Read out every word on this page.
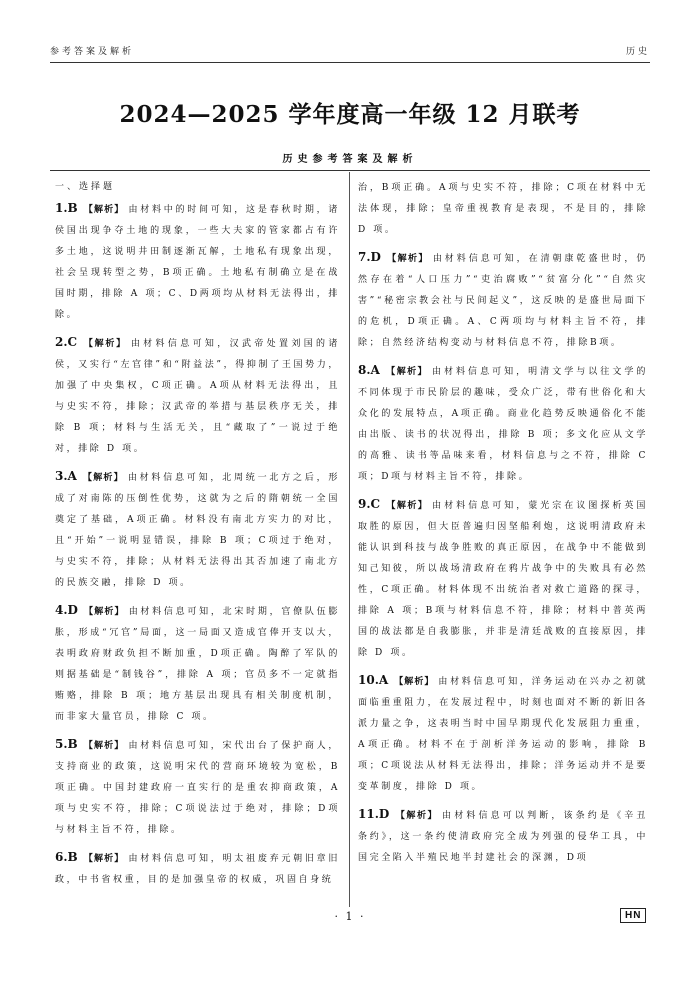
参考答案及解析	历史
2024—2025 学年度高一年级 12 月联考
历史参考答案及解析
一、选择题

1.B 【解析】 由材料中的时间可知，这是春秋时期，诸侯国出现争夺土地的现象，一些大夫家的管家都占有许多土地，这说明井田制逐渐瓦解，土地私有现象出现，社会呈现转型之势，B项正确。土地私有制确立是在战国时期，排除 A 项；C、D两项均从材料无法得出，排除。

2.C 【解析】 由材料信息可知，汉武帝处置刘国的诸侯，又实行“左官律”和“附益法”，得抑制了王国势力，加强了中央集权，C项正确。A项从材料无法得出，且与史实不符，排除；汉武帝的举措与基层秩序无关，排除 B 项；材料与生活无关，且“藏取了”一说过于绝对，排除 D 项。

3.A 【解析】 由材料信息可知，北周统一北方之后，形成了对南陈的压倒性优势，这就为之后的隋朝统一全国奠定了基础，A项正确。材料没有南北方实力的对比，且“开始”一说明显错误，排除 B 项；C项过于绝对，与史实不符，排除；从材料无法得出其否加速了南北方的民族交融，排除 D 项。

4.D 【解析】 由材料信息可知，北宋时期，官僚队伍膨胀，形成“冗官”局面，这一局面又造成官俸开支以大，表明政府财政负担不断加重，D项正确。陶醉了军队的则据基础是“制钱谷”，排除 A 项；官员多不一定就指贿赂，排除 B 项；地方基层出现具有相关制度机制，而非家大量官员，排除 C 项。

5.B 【解析】 由材料信息可知，宋代出台了保护商人，支持商业的政策，这说明宋代的营商环境较为宽松，B项正确。中国封建政府一直实行的是重农抑商政策，A项与史实不符，排除；C项说法过于绝对，排除；D项与材料主旨不符，排除。

6.B 【解析】 由材料信息可知，明太祖废弃元朝旧章旧政，中书省权重，目的是加强皇帝的权威，巩固自身统

治，B项正确。A项与史实不符，排除；C项在材料中无法体现，排除；皇帝重视教育是表现，不是目的，排除 D 项。

7.D 【解析】 由材料信息可知，在清朝康乾盛世时，仍然存在着“人口压力”“吏治腐败”“贫富分化”“自然灾害”“秘密宗教会社与民间起义”，这反映的是盛世局面下的危机，D项正确。A、C两项均与材料主旨不符，排除；自然经济结构变动与材料信息不符，排除B项。

8.A 【解析】 由材料信息可知，明清文学与以往文学的不同体现于市民阶层的趣味，受众广泛，带有世俗化和大众化的发展特点，A项正确。商业化趋势反映通俗化不能由出版、读书的状况得出，排除 B 项；多文化应从文学的高雅、读书等品味来看，材料信息与之不符，排除 C 项；D项与材料主旨不符，排除。

9.C 【解析】 由材料信息可知，蒙光宗在议图探析英国取胜的原因，但大臣普遍归因坚船利炮，这说明清政府未能认识到科技与战争胜败的真正原因，在战争中不能做到知己知彼，所以战场清政府在鸦片战争中的失败具有必然性，C项正确。材料体现不出统治者对救亡道路的探寻，排除 A 项；B项与材料信息不符，排除；材料中普英两国的战法都是自我膨胀，并非是清廷战败的直接原因，排除 D 项。

10.A 【解析】 由材料信息可知，洋务运动在兴办之初就面临重重阻力，在发展过程中，时刻也面对不断的新旧各派力量之争，这表明当时中国早期现代化发展阻力重重，A项正确。材料不在于剖析洋务运动的影响，排除 B 项；C项说法从材料无法得出，排除；洋务运动并不是要变革制度，排除 D 项。

11.D 【解析】 由材料信息可以判断，该条约是《辛丑条约》，这一条约使清政府完全成为列强的侵华工具，中国完全陷入半殖民地半封建社会的深渊，D项

· 1 ·	HN
